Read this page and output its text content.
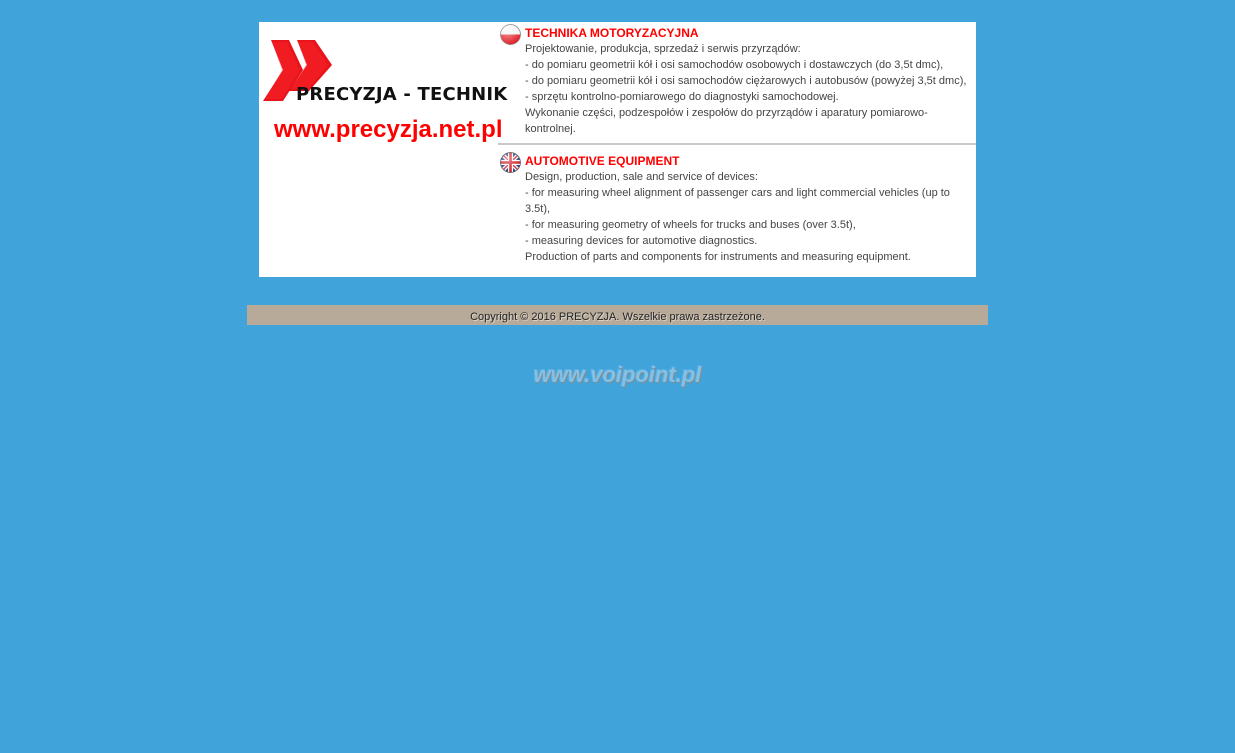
PRECYZJA - TECHNIK
www.precyzja.net.pl
TECHNIKA MOTORYZACYJNA
Projektowanie, produkcja, sprzedaż i serwis przyrządów:
- do pomiaru geometrii kół i osi samochodów osobowych i dostawczych (do 3,5t dmc),
- do pomiaru geometrii kół i osi samochodów ciężarowych i autobusów (powyżej 3,5t dmc),
- sprzętu kontrolno-pomiarowego do diagnostyki samochodowej.
Wykonanie części, podzespołów i zespołów do przyrządów i aparatury pomiarowo-kontrolnej.
AUTOMOTIVE EQUIPMENT
Design, production, sale and service of devices:
- for measuring wheel alignment of passenger cars and light commercial vehicles (up to 3.5t),
- for measuring geometry of wheels for trucks and buses (over 3.5t),
- measuring devices for automotive diagnostics.
Production of parts and components for instruments and measuring equipment.
Copyright © 2016 PRECYZJA. Wszelkie prawa zastrzeżone.
www.voipoint.pl
